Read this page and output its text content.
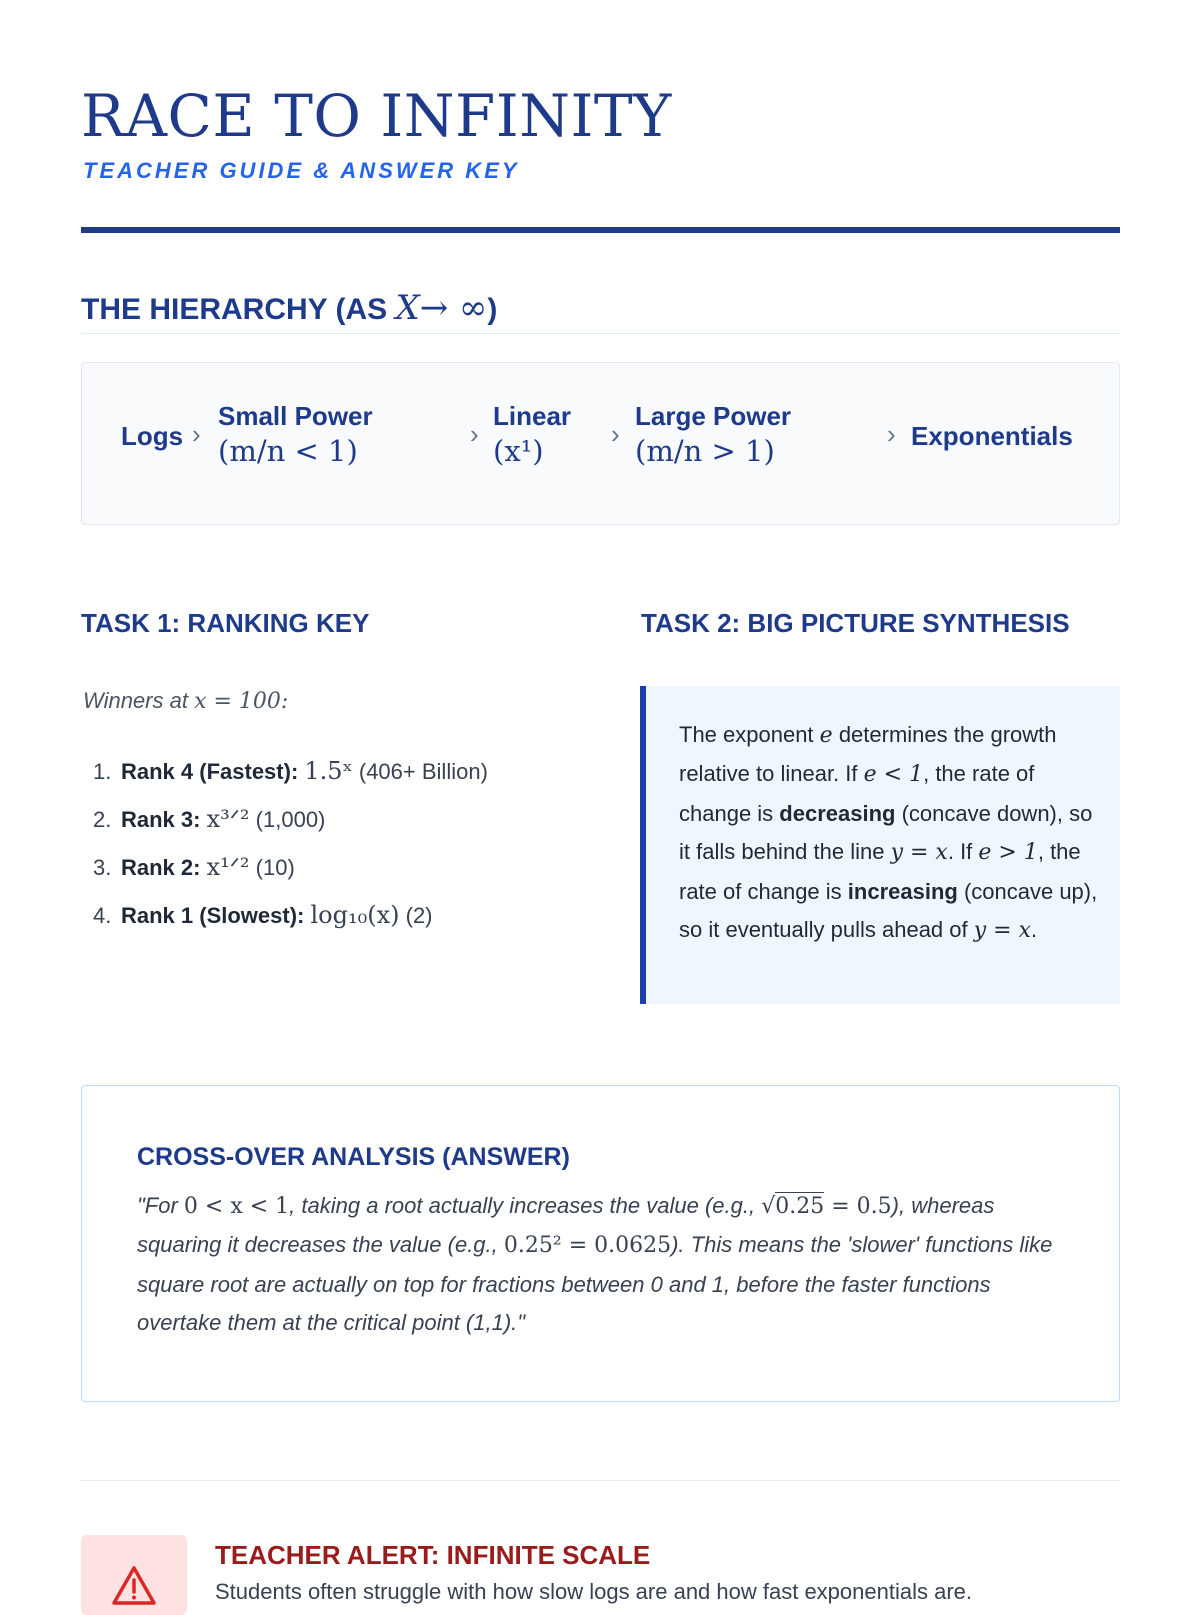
RACE TO INFINITY
TEACHER GUIDE & ANSWER KEY
THE HIERARCHY (AS X→ ∞)
Logs ›
Small Power
(m/n < 1)	›
Linear
(x¹)	›
Large Power
(m/n > 1)	› Exponentials
TASK 1: RANKING KEY	TASK 2: BIG PICTURE SYNTHESIS
Winners at x = 100:
1. Rank 4 (Fastest): 1.5ˣ (406+ Billion)
2. Rank 3: x³ᐟ² (1,000)
3. Rank 2: x¹ᐟ² (10)
4. Rank 1 (Slowest): log₁₀(x) (2)
The exponent e determines the growth relative to linear. If e < 1, the rate of change is decreasing (concave down), so it falls behind the line y = x. If e > 1, the rate of change is increasing (concave up), so it eventually pulls ahead of y = x.
CROSS-OVER ANALYSIS (ANSWER)
"For 0 < x < 1, taking a root actually increases the value (e.g., √0.25 = 0.5), whereas squaring it decreases the value (e.g., 0.25² = 0.0625). This means the 'slower' functions like square root are actually on top for fractions between 0 and 1, before the faster functions overtake them at the critical point (1,1)."
TEACHER ALERT: INFINITE SCALE
Students often struggle with how slow logs are and how fast exponentials are.
